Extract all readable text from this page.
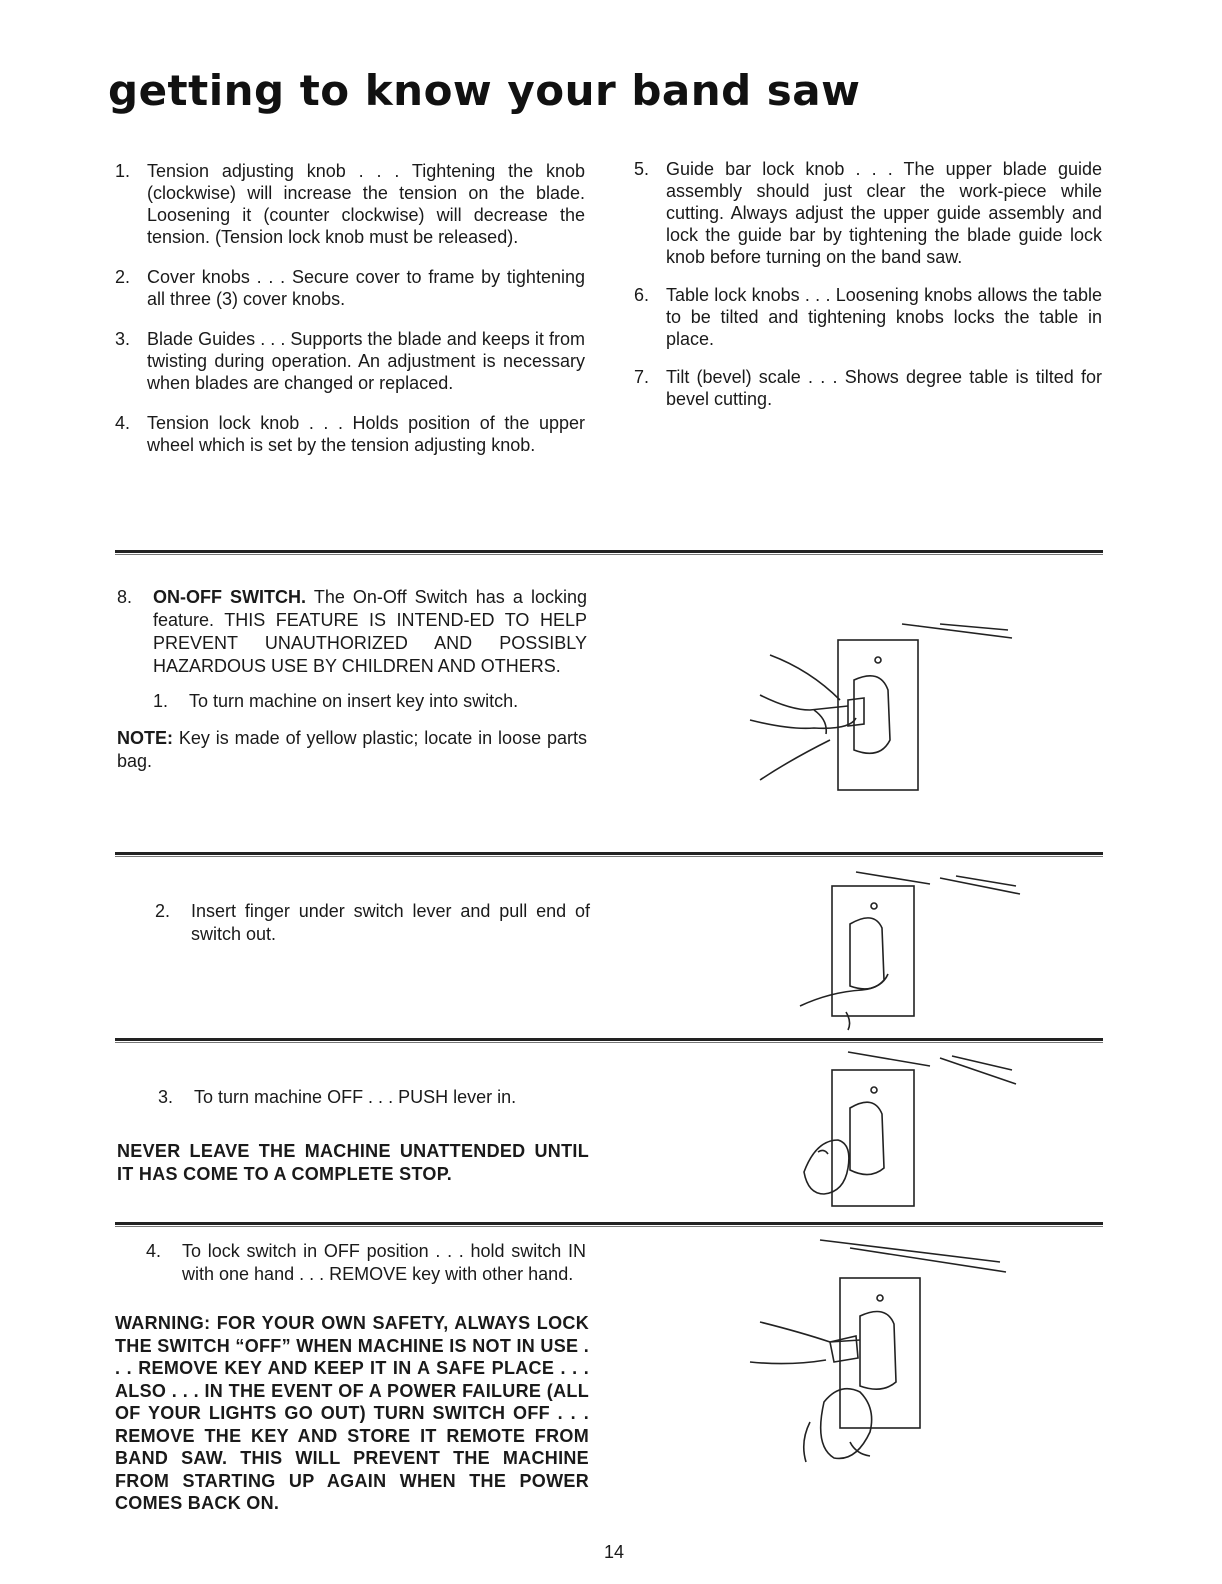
getting to know your band saw
1. Tension adjusting knob . . . Tightening the knob (clockwise) will increase the tension on the blade. Loosening it (counter clockwise) will decrease the tension. (Tension lock knob must be released).
2. Cover knobs . . . Secure cover to frame by tightening all three (3) cover knobs.
3. Blade Guides . . . Supports the blade and keeps it from twisting during operation. An adjustment is necessary when blades are changed or replaced.
4. Tension lock knob . . . Holds position of the upper wheel which is set by the tension adjusting knob.
5. Guide bar lock knob . . . The upper blade guide assembly should just clear the work-piece while cutting. Always adjust the upper guide assembly and lock the guide bar by tightening the blade guide lock knob before turning on the band saw.
6. Table lock knobs . . . Loosening knobs allows the table to be tilted and tightening knobs locks the table in place.
7. Tilt (bevel) scale . . . Shows degree table is tilted for bevel cutting.
8. ON-OFF SWITCH. The On-Off Switch has a locking feature. THIS FEATURE IS INTEND-ED TO HELP PREVENT UNAUTHORIZED AND POSSIBLY HAZARDOUS USE BY CHILDREN AND OTHERS.
1. To turn machine on insert key into switch.
NOTE: Key is made of yellow plastic; locate in loose parts bag.
2. Insert finger under switch lever and pull end of switch out.
3. To turn machine OFF . . . PUSH lever in.
NEVER LEAVE THE MACHINE UNATTENDED UNTIL IT HAS COME TO A COMPLETE STOP.
4. To lock switch in OFF position . . . hold switch IN with one hand . . . REMOVE key with other hand.
WARNING: FOR YOUR OWN SAFETY, ALWAYS LOCK THE SWITCH “OFF” WHEN MACHINE IS NOT IN USE . . . REMOVE KEY AND KEEP IT IN A SAFE PLACE . . . ALSO . . . IN THE EVENT OF A POWER FAILURE (ALL OF YOUR LIGHTS GO OUT) TURN SWITCH OFF . . . REMOVE THE KEY AND STORE IT REMOTE FROM BAND SAW. THIS WILL PREVENT THE MACHINE FROM STARTING UP AGAIN WHEN THE POWER COMES BACK ON.
14
